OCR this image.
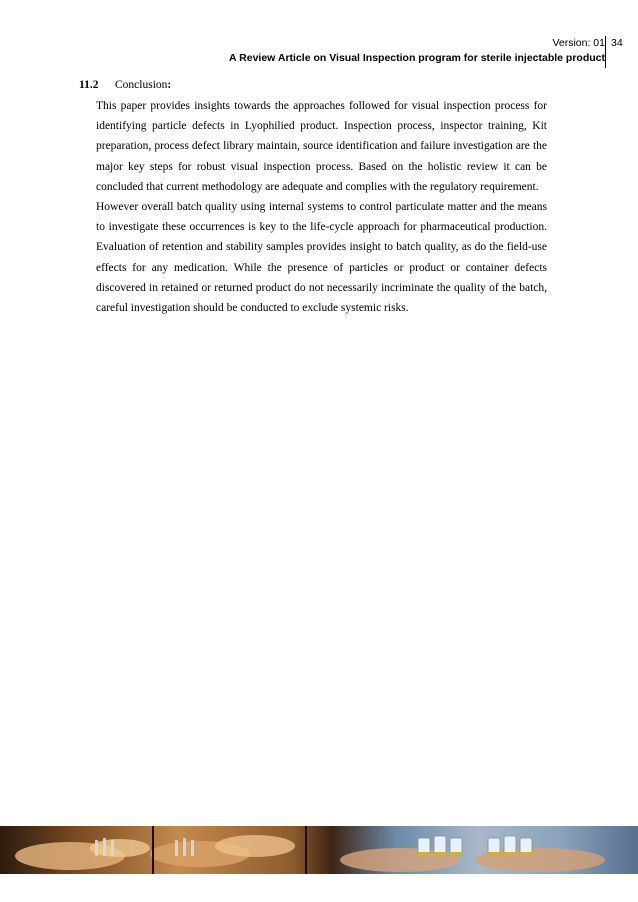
Version: 01
A Review Article on Visual Inspection program for sterile injectable product
34
11.2 Conclusion:

This paper provides insights towards the approaches followed for visual inspection process for identifying particle defects in Lyophilied product. Inspection process, inspector training, Kit preparation, process defect library maintain, source identification and failure investigation are the major key steps for robust visual inspection process. Based on the holistic review it can be concluded that current methodology are adequate and complies with the regulatory requirement.

However overall batch quality using internal systems to control particulate matter and the means to investigate these occurrences is key to the life-cycle approach for pharmaceutical production. Evaluation of retention and stability samples provides insight to batch quality, as do the field-use effects for any medication. While the presence of particles or product or container defects discovered in retained or returned product do not necessarily incriminate the quality of the batch, careful investigation should be conducted to exclude systemic risks.
